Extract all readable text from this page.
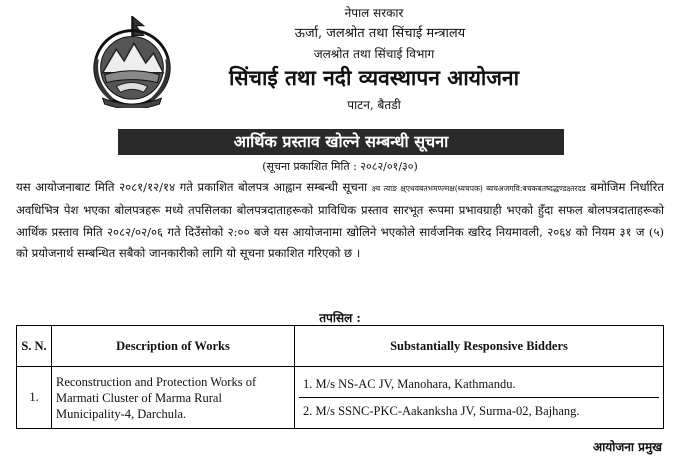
नेपाल सरकार
ऊर्जा, जलश्रोत तथा सिंचाई मन्त्रालय
जलश्रोत तथा सिंचाई विभाग
सिंचाई तथा नदी व्यवस्थापन आयोजना
पाटन, बैतडी
आर्थिक प्रस्ताव खोल्ने सम्बन्धी सूचना
(सूचना प्रकाशित मिति : २०८२/०१/३०)

यस आयोजनाबाट मिति २०८१/१२/१४ गते प्रकाशित बोलपत्र आह्वान सम्बन्धी सूचना क्ष्च त्याङ क्ष्एथवबतभमण्ल्मक्ष(ध्यचपक) ब्वचअजगवि:बचकबतष्दद्धण्डक्ष्तरदड बमोजिम निर्धारित अवधिभित्र पेश भएका बोलपत्रहरू मध्ये तपसिलका बोलपत्रदाताहरूको प्राविधिक प्रस्ताव सारभूत रूपमा प्रभावग्राही भएको हुँदा सफल बोलपत्रदाताहरूको आर्थिक प्रस्ताव मिति २०८२/०२/०६ गते दिउँसोको २:०० बजे यस आयोजनामा खोलिने भएकोले सार्वजनिक खरिद नियमावली, २०६४ को नियम ३१ ज (५) को प्रयोजनार्थ सम्बन्धित सबैको जानकारीको लागि यो सूचना प्रकाशित गरिएको छ ।

तपसिल :
S. N.	Description of Works	Substantially Responsive Bidders
1.	Reconstruction and Protection Works of Marmati Cluster of Marma Rural Municipality-4, Darchula.	1. M/s NS-AC JV, Manohara, Kathmandu.
2. M/s SSNC-PKC-Aakanksha JV, Surma-02, Bajhang.
आयोजना प्रमुख
